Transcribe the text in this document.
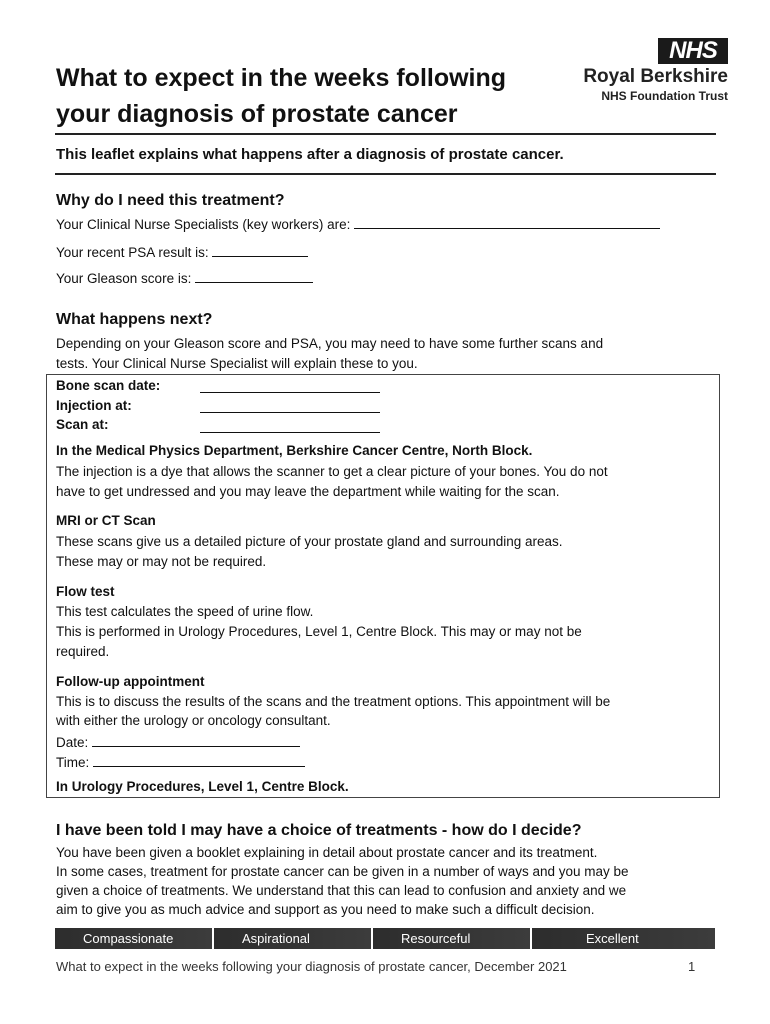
What to expect in the weeks following
your diagnosis of prostate cancer
NHS
Royal Berkshire
NHS Foundation Trust
This leaflet explains what happens after a diagnosis of prostate cancer.
Why do I need this treatment?
Your Clinical Nurse Specialists (key workers) are:
Your recent PSA result is:
Your Gleason score is:
What happens next?
Depending on your Gleason score and PSA, you may need to have some further scans and
tests. Your Clinical Nurse Specialist will explain these to you.
Bone scan date:
Injection at:
Scan at:
In the Medical Physics Department, Berkshire Cancer Centre, North Block.
The injection is a dye that allows the scanner to get a clear picture of your bones. You do not
have to get undressed and you may leave the department while waiting for the scan.
MRI or CT Scan
These scans give us a detailed picture of your prostate gland and surrounding areas.
These may or may not be required.
Flow test
This test calculates the speed of urine flow.
This is performed in Urology Procedures, Level 1, Centre Block. This may or may not be
required.
Follow-up appointment
This is to discuss the results of the scans and the treatment options. This appointment will be
with either the urology or oncology consultant.
Date:
Time:
In Urology Procedures, Level 1, Centre Block.
I have been told I may have a choice of treatments - how do I decide?
You have been given a booklet explaining in detail about prostate cancer and its treatment.
In some cases, treatment for prostate cancer can be given in a number of ways and you may be
given a choice of treatments. We understand that this can lead to confusion and anxiety and we
aim to give you as much advice and support as you need to make such a difficult decision.
Compassionate	Aspirational	Resourceful	Excellent
What to expect in the weeks following your diagnosis of prostate cancer, December 2021	1
